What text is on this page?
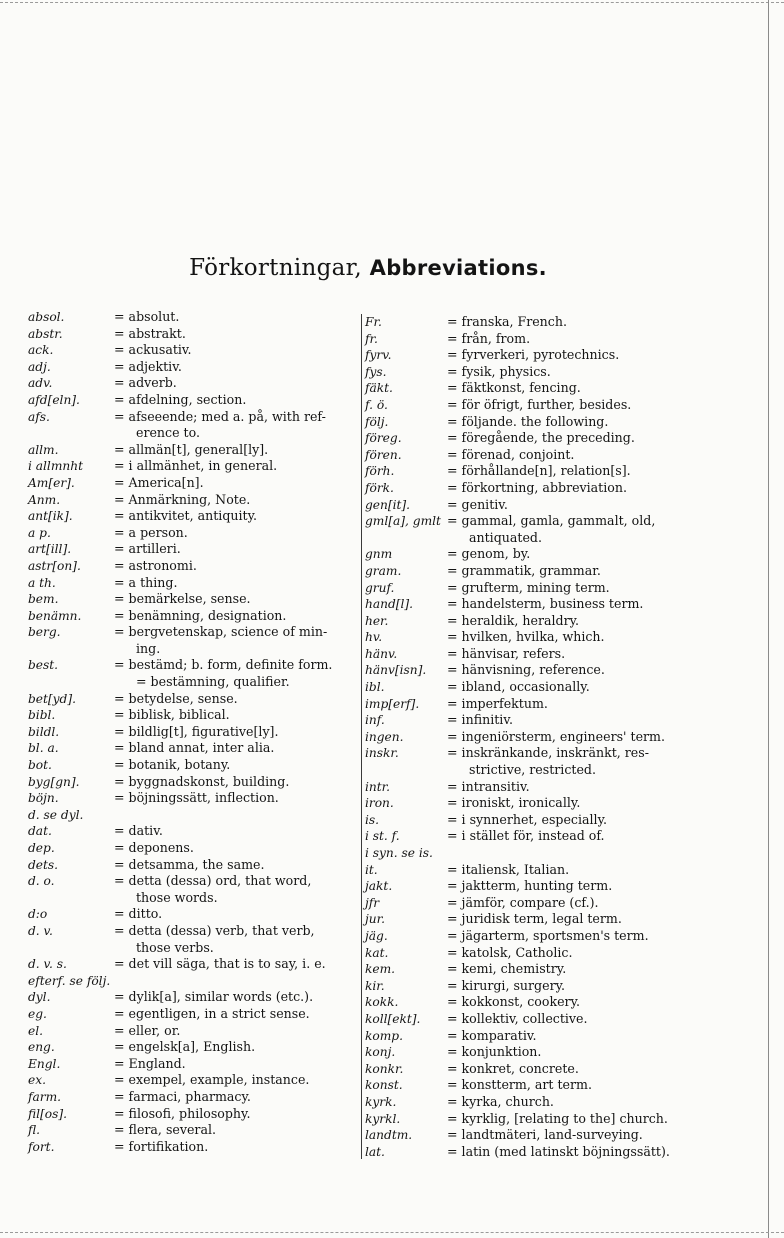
Förkortningar, Abbreviations.
absol.	= absolut.
abstr.	= abstrakt.
ack.	= ackusativ.
adj.	= adjektiv.
adv.	= adverb.
afd[eln].	= afdelning, section.
afs.	= afseeende; med a. på, with ref-
erence to.
allm.	= allmän[t], general[ly].
i allmnht = i allmänhet, in general.
Am[er].	= America[n].
Anm.	= Anmärkning, Note.
ant[ik].	= antikvitet, antiquity.
a p.	= a person.
art[ill].	= artilleri.
astr[on].	= astronomi.
a th.	= a thing.
bem.	= bemärkelse, sense.
benämn.	= benämning, designation.
berg.	= bergvetenskap, science of min-
ing.
best.	= bestämd; b. form, definite form.
= bestämning, qualifier.
bet[yd].	= betydelse, sense.
bibl.	= biblisk, biblical.
bildl.	= bildlig[t], figurative[ly].
bl. a.	= bland annat, inter alia.
bot.	= botanik, botany.
byg[gn].	= byggnadskonst, building.
böjn.	= böjningssätt, inflection.
d. se dyl.

dat.	= dativ.
dep.	= deponens.
dets.	= detsamma, the same.
d. o.	= detta (dessa) ord, that word,
those words.
d:o	= ditto.
d. v.	= detta (dessa) verb, that verb,
those verbs.
d. v. s.	= det vill säga, that is to say, i. e.
efterf. se följ.

dyl.	= dylik[a], similar words (etc.).
eg.	= egentligen, in a strict sense.
el.	= eller, or.
eng.	= engelsk[a], English.
Engl.	= England.
ex.	= exempel, example, instance.
farm.	= farmaci, pharmacy.
fil[os].	= filosofi, philosophy.
fl.	= flera, several.
fort.	= fortifikation.
Fr.	= franska, French.
fr.	= från, from.
fyrv.	= fyrverkeri, pyrotechnics.
fys.	= fysik, physics.
fäkt.	= fäktkonst, fencing.
f. ö.	= för öfrigt, further, besides.
följ.	= följande. the following.
föreg.	= föregående, the preceding.
fören.	= förenad, conjoint.
förh.	= förhållande[n], relation[s].
förk.	= förkortning, abbreviation.
gen[it].	= genitiv.
gml[a], gmlt = gammal, gamla, gammalt, old,
antiquated.
gnm	= genom, by.
gram.	= grammatik, grammar.
gruf.	= grufterm, mining term.
hand[l].	= handelsterm, business term.
her.	= heraldik, heraldry.
hv.	= hvilken, hvilka, which.
hänv.	= hänvisar, refers.
hänv[isn]. = hänvisning, reference.
ibl.	= ibland, occasionally.
imp[erf]. = imperfektum.
inf.	= infinitiv.
ingen.	= ingeniörsterm, engineers' term.
inskr.	= inskränkande, inskränkt, res-
strictive, restricted.
intr.	= intransitiv.
iron.	= ironiskt, ironically.
is.	= i synnerhet, especially.
i st. f.	= i stället för, instead of.
i syn. se is.

it.	= italiensk, Italian.
jakt.	= jaktterm, hunting term.
jfr	= jämför, compare (cf.).
jur.	= juridisk term, legal term.
jäg.	= jägarterm, sportsmen's term.
kat.	= katolsk, Catholic.
kem.	= kemi, chemistry.
kir.	= kirurgi, surgery.
kokk.	= kokkonst, cookery.
koll[ekt]. = kollektiv, collective.
komp.	= komparativ.
konj.	= konjunktion.
konkr.	= konkret, concrete.
konst.	= konstterm, art term.
kyrk.	= kyrka, church.
kyrkl.	= kyrklig, [relating to the] church.
landtm.	= landtmäteri, land-surveying.
lat.	= latin (med latinskt böjningssätt).
